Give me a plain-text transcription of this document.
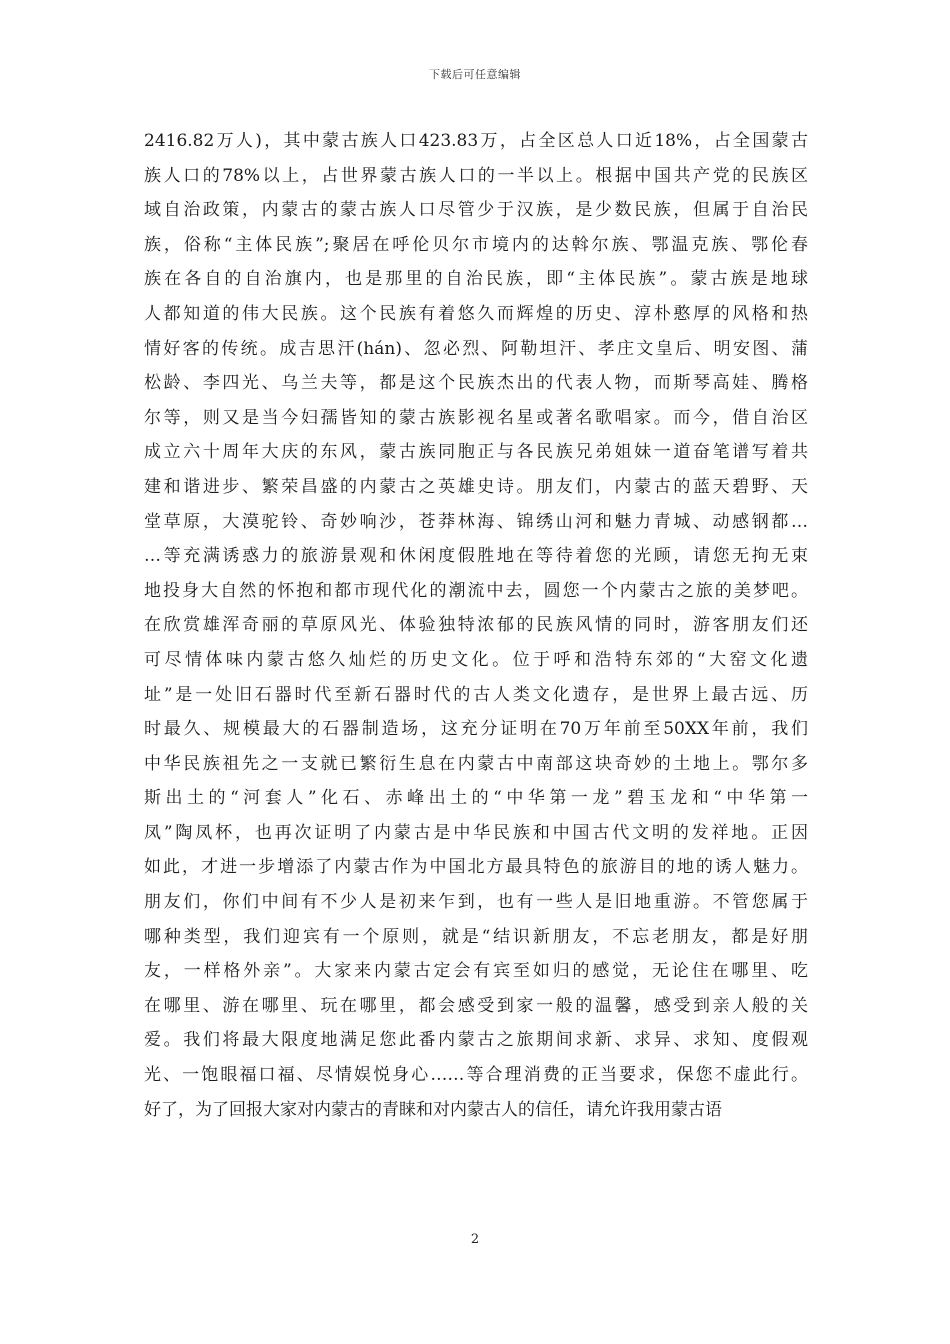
下载后可任意编辑
2416.82万人)，其中蒙古族人口423.83万，占全区总人口近18%，占全国蒙古
族人口的78%以上，占世界蒙古族人口的一半以上。根据中国共产党的民族区
域自治政策，内蒙古的蒙古族人口尽管少于汉族，是少数民族，但属于自治民
族，俗称“主体民族”;聚居在呼伦贝尔市境内的达斡尔族、鄂温克族、鄂伦春
族在各自的自治旗内，也是那里的自治民族，即“主体民族”。蒙古族是地球
人都知道的伟大民族。这个民族有着悠久而辉煌的历史、淳朴憨厚的风格和热
情好客的传统。成吉思汗(hán)、忽必烈、阿勒坦汗、孝庄文皇后、明安图、蒲
松龄、李四光、乌兰夫等，都是这个民族杰出的代表人物，而斯琴高娃、腾格
尔等，则又是当今妇孺皆知的蒙古族影视名星或著名歌唱家。而今，借自治区
成立六十周年大庆的东风，蒙古族同胞正与各民族兄弟姐妹一道奋笔谱写着共
建和谐进步、繁荣昌盛的内蒙古之英雄史诗。朋友们，内蒙古的蓝天碧野、天
堂草原，大漠驼铃、奇妙响沙，苍莽林海、锦绣山河和魅力青城、动感钢都…
…等充满诱惑力的旅游景观和休闲度假胜地在等待着您的光顾，请您无拘无束
地投身大自然的怀抱和都市现代化的潮流中去，圆您一个内蒙古之旅的美梦吧。
在欣赏雄浑奇丽的草原风光、体验独特浓郁的民族风情的同时，游客朋友们还
可尽情体味内蒙古悠久灿烂的历史文化。位于呼和浩特东郊的“大窑文化遗
址”是一处旧石器时代至新石器时代的古人类文化遗存，是世界上最古远、历
时最久、规模最大的石器制造场，这充分证明在70万年前至50XX年前，我们
中华民族祖先之一支就已繁衍生息在内蒙古中南部这块奇妙的土地上。鄂尔多
斯出土的“河套人”化石、赤峰出土的“中华第一龙”碧玉龙和“中华第一
凤”陶凤杯，也再次证明了内蒙古是中华民族和中国古代文明的发祥地。正因
如此，才进一步增添了内蒙古作为中国北方最具特色的旅游目的地的诱人魅力。
朋友们，你们中间有不少人是初来乍到，也有一些人是旧地重游。不管您属于
哪种类型，我们迎宾有一个原则，就是“结识新朋友，不忘老朋友，都是好朋
友，一样格外亲”。大家来内蒙古定会有宾至如归的感觉，无论住在哪里、吃
在哪里、游在哪里、玩在哪里，都会感受到家一般的温馨，感受到亲人般的关
爱。我们将最大限度地满足您此番内蒙古之旅期间求新、求异、求知、度假观
光、一饱眼福口福、尽情娱悦身心……等合理消费的正当要求，保您不虚此行。
好了，为了回报大家对内蒙古的青睐和对内蒙古人的信任，请允许我用蒙古语
2
